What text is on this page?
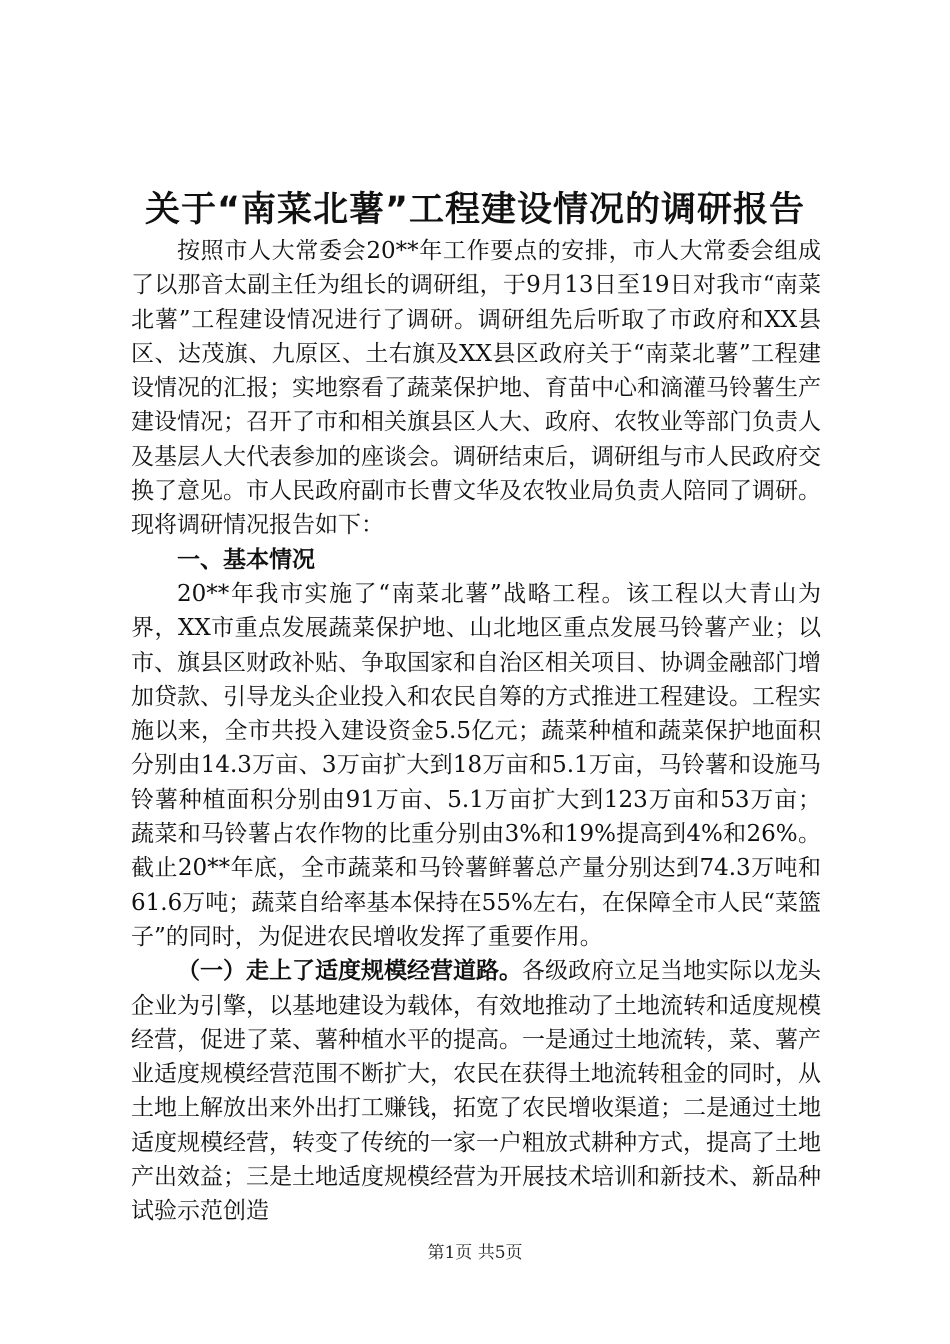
关于“南菜北薯”工程建设情况的调研报告

按照市人大常委会20**年工作要点的安排，市人大常委会组成了以那音太副主任为组长的调研组，于9月13日至19日对我市“南菜北薯”工程建设情况进行了调研。调研组先后听取了市政府和XX县区、达茂旗、九原区、土右旗及XX县区政府关于“南菜北薯”工程建设情况的汇报；实地察看了蔬菜保护地、育苗中心和滴灌马铃薯生产建设情况；召开了市和相关旗县区人大、政府、农牧业等部门负责人及基层人大代表参加的座谈会。调研结束后，调研组与市人民政府交换了意见。市人民政府副市长曹文华及农牧业局负责人陪同了调研。现将调研情况报告如下：

一、基本情况

20**年我市实施了“南菜北薯”战略工程。该工程以大青山为界，XX市重点发展蔬菜保护地、山北地区重点发展马铃薯产业；以市、旗县区财政补贴、争取国家和自治区相关项目、协调金融部门增加贷款、引导龙头企业投入和农民自筹的方式推进工程建设。工程实施以来，全市共投入建设资金5.5亿元；蔬菜种植和蔬菜保护地面积分别由14.3万亩、3万亩扩大到18万亩和5.1万亩，马铃薯和设施马铃薯种植面积分别由91万亩、5.1万亩扩大到123万亩和53万亩；蔬菜和马铃薯占农作物的比重分别由3%和19%提高到4%和26%。截止20**年底，全市蔬菜和马铃薯鲜薯总产量分别达到74.3万吨和61.6万吨；蔬菜自给率基本保持在55%左右，在保障全市人民“菜篮子”的同时，为促进农民增收发挥了重要作用。

（一）走上了适度规模经营道路。各级政府立足当地实际以龙头企业为引擎，以基地建设为载体，有效地推动了土地流转和适度规模经营，促进了菜、薯种植水平的提高。一是通过土地流转，菜、薯产业适度规模经营范围不断扩大，农民在获得土地流转租金的同时，从土地上解放出来外出打工赚钱，拓宽了农民增收渠道；二是通过土地适度规模经营，转变了传统的一家一户粗放式耕种方式，提高了土地产出效益；三是土地适度规模经营为开展技术培训和新技术、新品种试验示范创造

第1页 共5页
